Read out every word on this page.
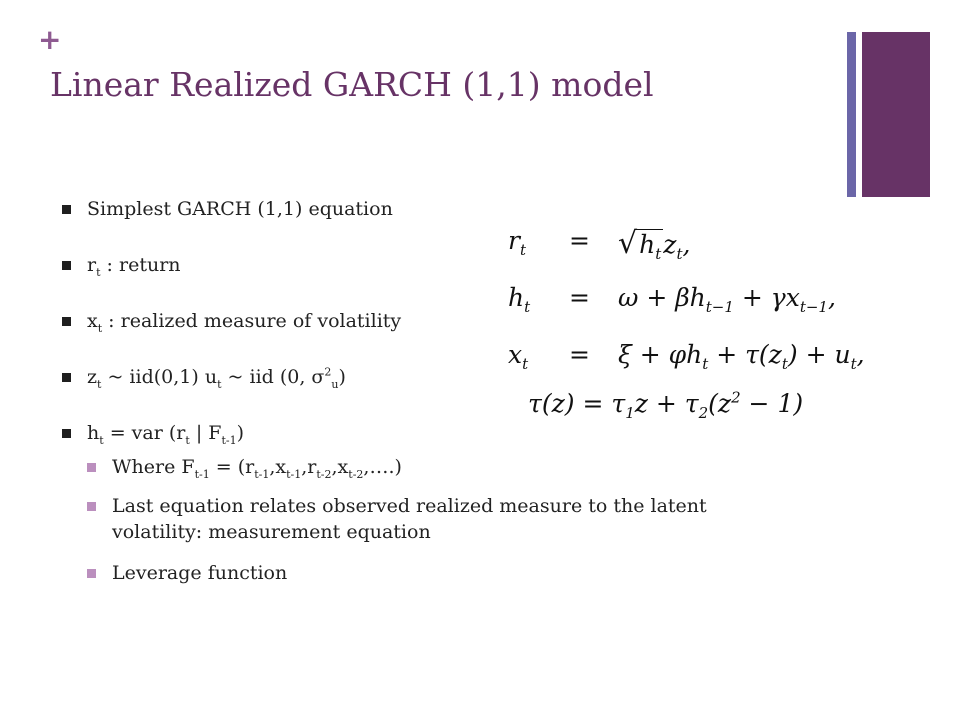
+
Linear Realized GARCH (1,1) model
Simplest GARCH (1,1) equation
$r_t$ : return
$x_t$ : realized measure of volatility
$z_t$ ~ iid(0,1) $u_t$ ~ iid (0, $\sigma^2_u$)
$h_t$ = var ($r_t$ | $F_{t-1}$)
Where $F_{t-1}$ = $(r_{t-1},x_{t-1},r_{t-2},x_{t-2},\dots.)$
Last equation relates observed realized measure to the latent volatility: measurement equation
Leverage function
$r_t = √h_tz_t$,
$h_t = \omega + \beta h_{t-1} + \gamma x_{t-1}$,
$x_t = \xi + \varphi h_t + \tau(z_t) + u_t$,
$\tau(z) = \tau_1z + \tau_2(z^2 - 1)$
